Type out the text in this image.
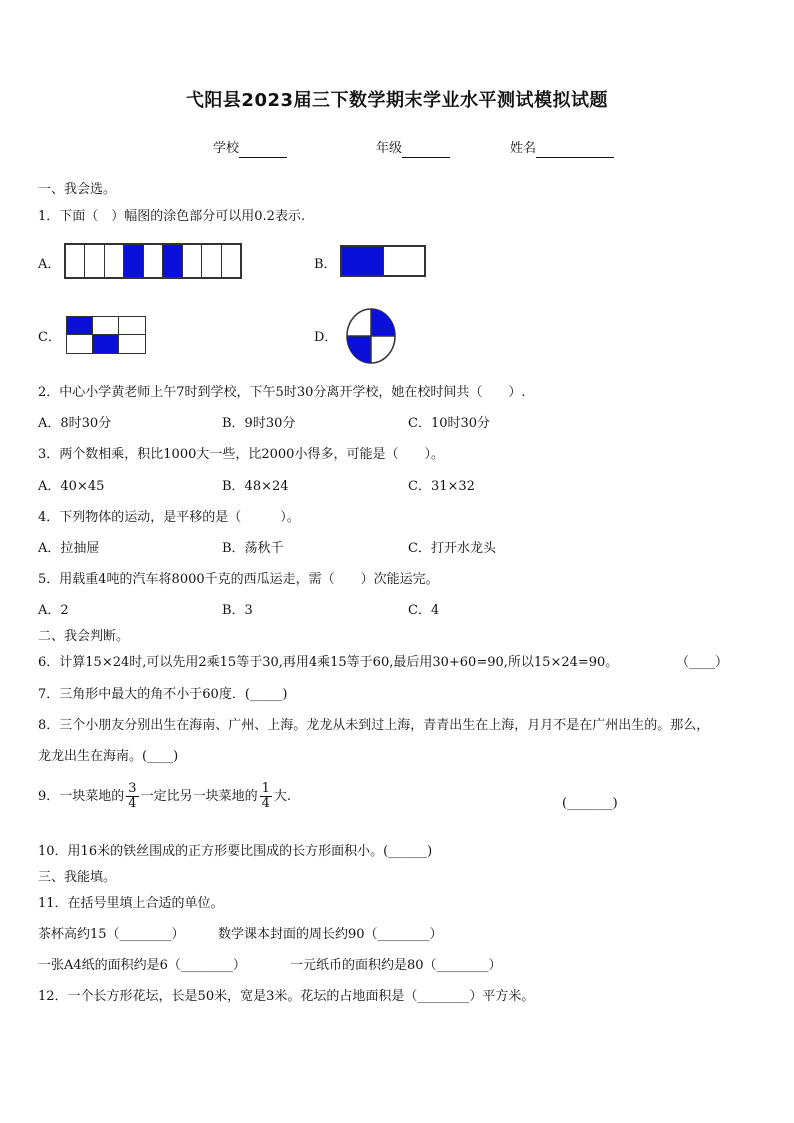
弋阳县2023届三下数学期末学业水平测试模拟试题
学校	年级	姓名
一、我会选。
1．下面（　）幅图的涂色部分可以用0.2表示.
A．	B．
C．	D．
2．中心小学黄老师上午7时到学校，下午5时30分离开学校，她在校时间共（　　）.
A．8时30分	B．9时30分	C．10时30分
3．两个数相乘，积比1000大一些，比2000小得多，可能是（　　）。
A．40×45	B．48×24	C．31×32
4．下列物体的运动，是平移的是（　　　）。
A．拉抽屉	B．荡秋千	C．打开水龙头
5．用载重4吨的汽车将8000千克的西瓜运走，需（　　）次能运完。
A．2	B．3	C．4
二、我会判断。
6．计算15×24时,可以先用2乘15等于30,再用4乘15等于60,最后用30+60=90,所以15×24=90。	（____）
7．三角形中最大的角不小于60度．(_____)
8．三个小朋友分别出生在海南、广州、上海。龙龙从未到过上海，青青出生在上海，月月不是在广州出生的。那么，
龙龙出生在海南。(____)
9．一块菜地的 $\frac{3}{4}$ 一定比另一块菜地的 $\frac{1}{4}$ 大.	(_______)
10．用16米的铁丝围成的正方形要比围成的长方形面积小。(______)
三、我能填。
11．在括号里填上合适的单位。
茶杯高约15（________）	数学课本封面的周长约90（________）
一张A4纸的面积约是6（________）	一元纸币的面积约是80（________）
12．一个长方形花坛，长是50米，宽是3米。花坛的占地面积是（________）平方米。
